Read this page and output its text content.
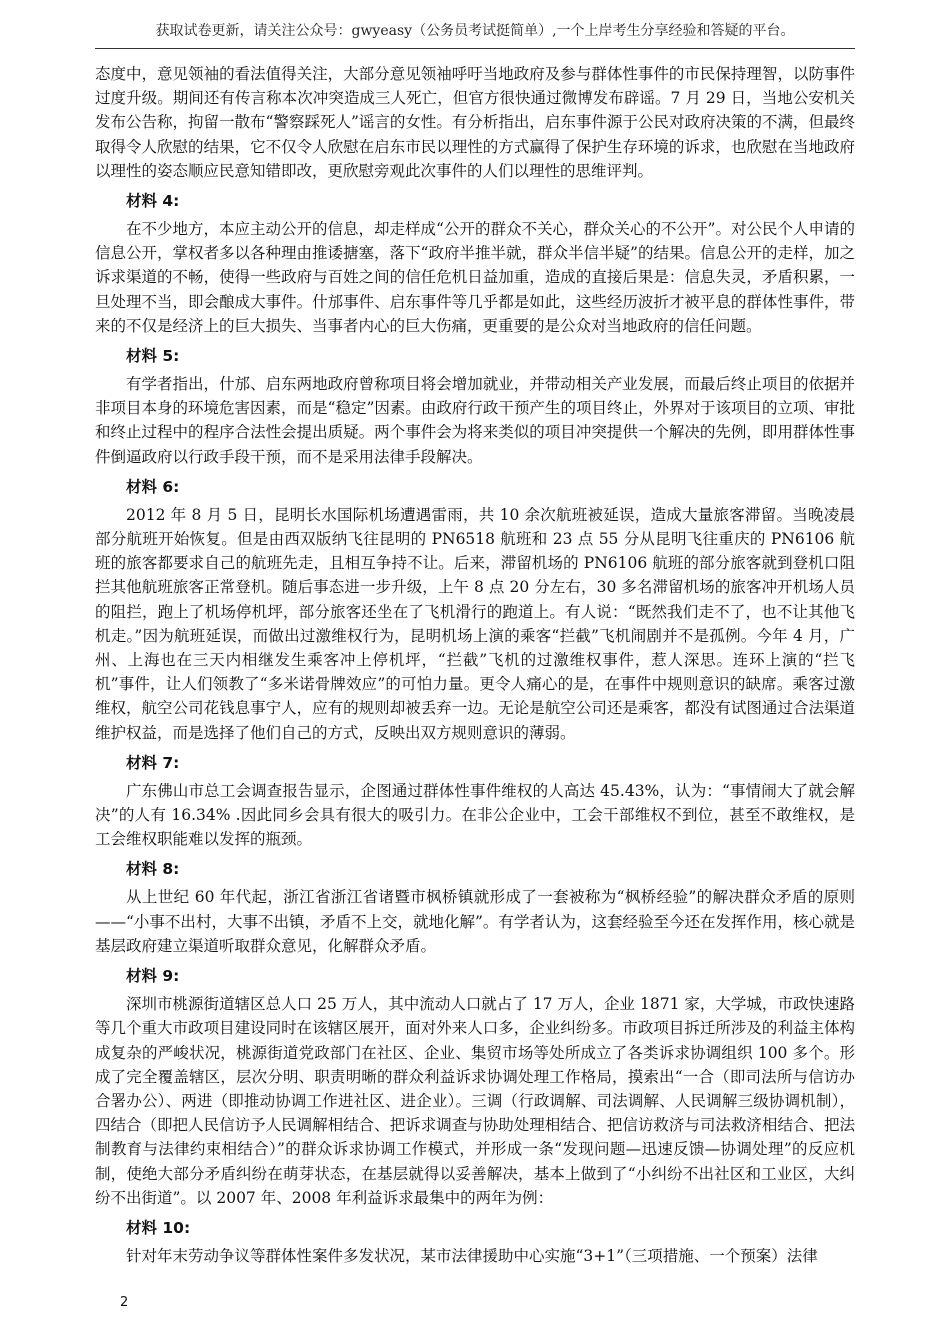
获取试卷更新，请关注公众号：gwyeasy（公务员考试挺简单）,一个上岸考生分享经验和答疑的平台。

态度中，意见领袖的看法值得关注，大部分意见领袖呼吁当地政府及参与群体性事件的市民保持理智，以防事件过度升级。期间还有传言称本次冲突造成三人死亡，但官方很快通过微博发布辟谣。7 月 29 日，当地公安机关发布公告称，拘留一散布“警察踩死人”谣言的女性。有分析指出，启东事件源于公民对政府决策的不满，但最终取得令人欣慰的结果，它不仅令人欣慰在启东市民以理性的方式赢得了保护生存环境的诉求，也欣慰在当地政府以理性的姿态顺应民意知错即改，更欣慰旁观此次事件的人们以理性的思维评判。

材料 4:

在不少地方，本应主动公开的信息，却走样成“公开的群众不关心，群众关心的不公开”。对公民个人申请的信息公开，掌权者多以各种理由推诿搪塞，落下“政府半推半就，群众半信半疑”的结果。信息公开的走样，加之诉求渠道的不畅，使得一些政府与百姓之间的信任危机日益加重，造成的直接后果是：信息失灵，矛盾积累，一旦处理不当，即会酿成大事件。什邡事件、启东事件等几乎都是如此，这些经历波折才被平息的群体性事件，带来的不仅是经济上的巨大损失、当事者内心的巨大伤痛，更重要的是公众对当地政府的信任问题。

材料 5:

有学者指出，什邡、启东两地政府曾称项目将会增加就业，并带动相关产业发展，而最后终止项目的依据并非项目本身的环境危害因素，而是“稳定”因素。由政府行政干预产生的项目终止，外界对于该项目的立项、审批和终止过程中的程序合法性会提出质疑。两个事件会为将来类似的项目冲突提供一个解决的先例，即用群体性事件倒逼政府以行政手段干预，而不是采用法律手段解决。

材料 6:

2012 年 8 月 5 日，昆明长水国际机场遭遇雷雨，共 10 余次航班被延误，造成大量旅客滞留。当晚凌晨部分航班开始恢复。但是由西双版纳飞往昆明的 PN6518 航班和 23 点 55 分从昆明飞往重庆的 PN6106 航班的旅客都要求自己的航班先走，且相互争持不让。后来，滞留机场的 PN6106 航班的部分旅客就到登机口阻拦其他航班旅客正常登机。随后事态进一步升级，上午 8 点 20 分左右，30 多名滞留机场的旅客冲开机场人员的阻拦，跑上了机场停机坪，部分旅客还坐在了飞机滑行的跑道上。有人说：“既然我们走不了，也不让其他飞机走。”因为航班延误，而做出过激维权行为，昆明机场上演的乘客“拦截”飞机闹剧并不是孤例。今年 4 月，广州、上海也在三天内相继发生乘客冲上停机坪，“拦截”飞机的过激维权事件，惹人深思。连环上演的“拦飞机”事件，让人们领教了“多米诺骨牌效应”的可怕力量。更令人痛心的是，在事件中规则意识的缺席。乘客过激维权，航空公司花钱息事宁人，应有的规则却被丢弃一边。无论是航空公司还是乘客，都没有试图通过合法渠道维护权益，而是选择了他们自己的方式，反映出双方规则意识的薄弱。

材料 7:

广东佛山市总工会调查报告显示，企图通过群体性事件维权的人高达 45.43%，认为：“事情闹大了就会解决”的人有 16.34% .因此同乡会具有很大的吸引力。在非公企业中，工会干部维权不到位，甚至不敢维权，是工会维权职能难以发挥的瓶颈。

材料 8:

从上世纪 60 年代起，浙江省浙江省诸暨市枫桥镇就形成了一套被称为“枫桥经验”的解决群众矛盾的原则——“小事不出村，大事不出镇，矛盾不上交，就地化解”。有学者认为，这套经验至今还在发挥作用，核心就是基层政府建立渠道听取群众意见，化解群众矛盾。

材料 9:

深圳市桃源街道辖区总人口 25 万人，其中流动人口就占了 17 万人，企业 1871 家，大学城，市政快速路等几个重大市政项目建设同时在该辖区展开，面对外来人口多，企业纠纷多。市政项目拆迁所涉及的利益主体构成复杂的严峻状况，桃源街道党政部门在社区、企业、集贸市场等处所成立了各类诉求协调组织 100 多个。形成了完全覆盖辖区，层次分明、职责明晰的群众利益诉求协调处理工作格局，摸索出“一合（即司法所与信访办合署办公）、两进（即推动协调工作进社区、进企业）。三调（行政调解、司法调解、人民调解三级协调机制），四结合（即把人民信访予人民调解相结合、把诉求调查与协助处理相结合、把信访救济与司法救济相结合、把法制教育与法律约束相结合）”的群众诉求协调工作模式，并形成一条“发现问题—迅速反馈—协调处理”的反应机制，使绝大部分矛盾纠纷在萌芽状态，在基层就得以妥善解决，基本上做到了“小纠纷不出社区和工业区，大纠纷不出街道”。以 2007 年、2008 年利益诉求最集中的两年为例：

材料 10:

针对年末劳动争议等群体性案件多发状况，某市法律援助中心实施“3+1”（三项措施、一个预案）法律

2
